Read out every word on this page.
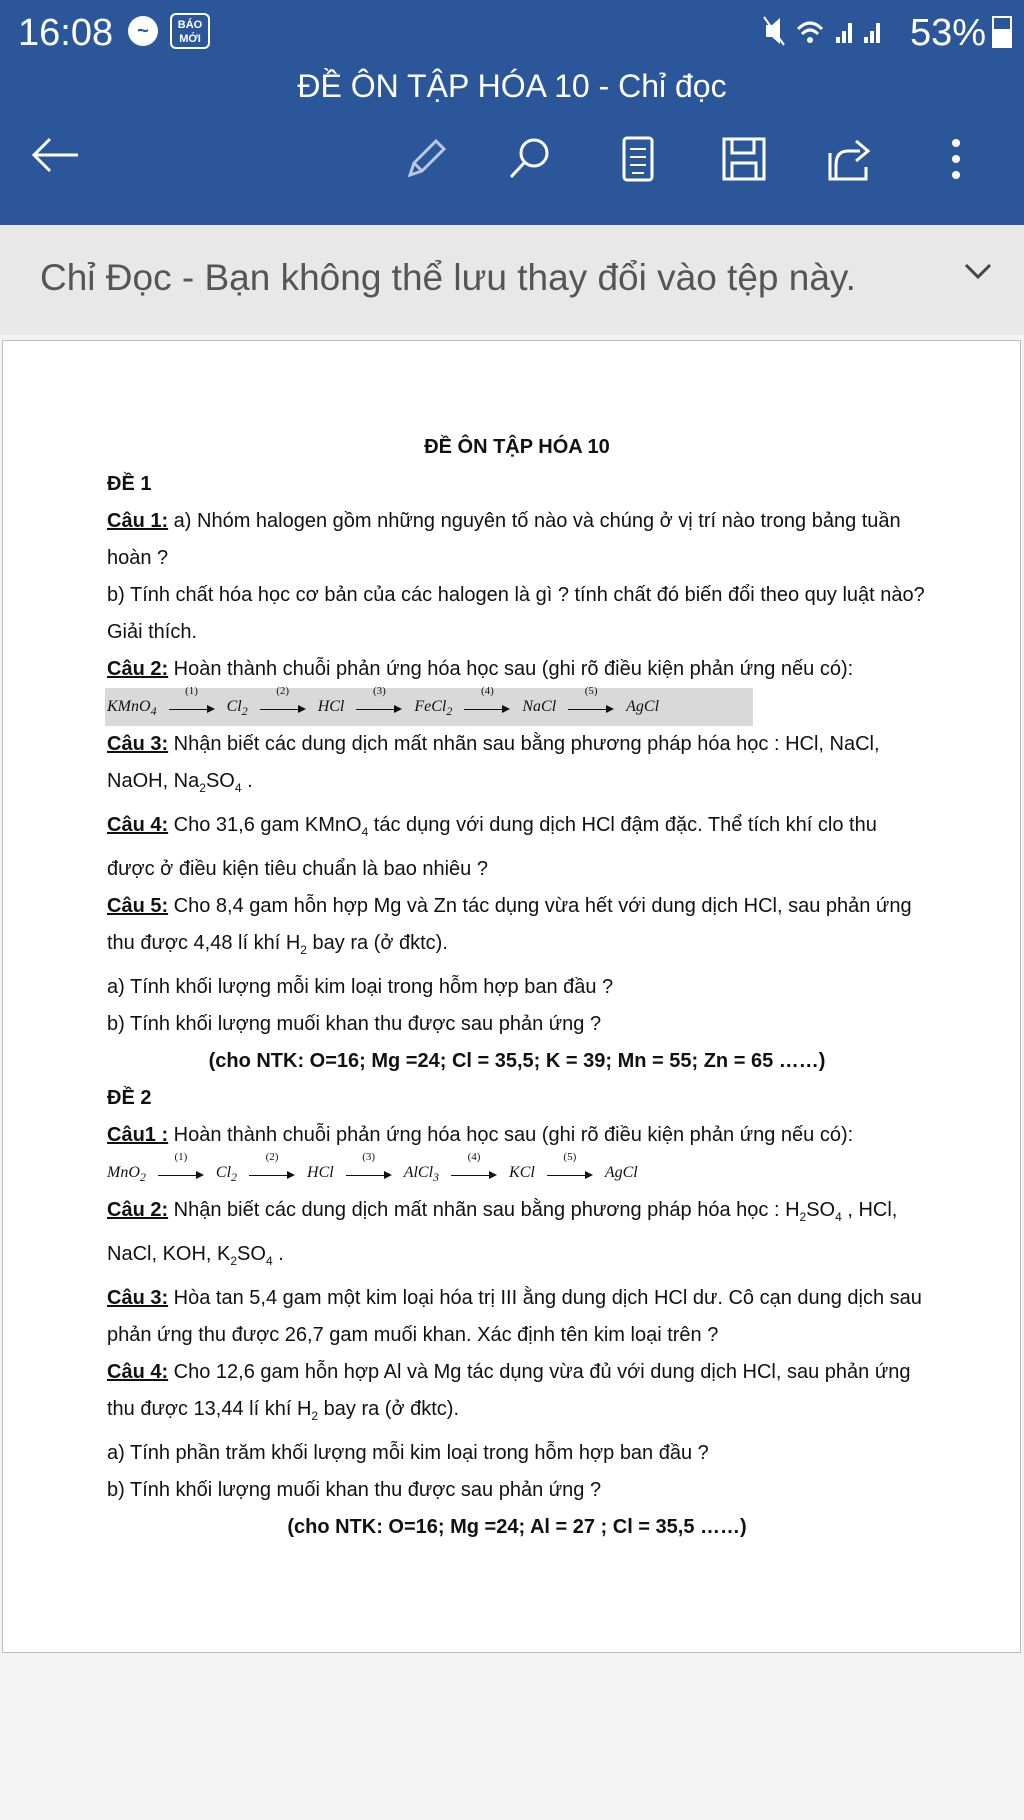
16:08	~	BÁO
MỚI	53%
ĐỀ ÔN TẬP HÓA 10 - Chỉ đọc
Chỉ Đọc - Bạn không thể lưu thay đổi vào tệp này.
ĐỀ ÔN TẬP HÓA 10
ĐỀ 1
Câu 1: a) Nhóm halogen gồm những nguyên tố nào và chúng ở vị trí nào trong bảng tuần hoàn ?
b) Tính chất hóa học cơ bản của các halogen là gì ? tính chất đó biến đổi theo quy luật nào? Giải thích.
Câu 2: Hoàn thành chuỗi phản ứng hóa học sau (ghi rõ điều kiện phản ứng nếu có):
KMnO$_4$
(1)
$Cl_2$
(2)
HCl
(3)
FeCl$_2$
(4)
NaCl
(5)
AgCl
Câu 3: Nhận biết các dung dịch mất nhãn sau bằng phương pháp hóa học : HCl, NaCl, NaOH, $Na_2SO_4$ .
Câu 4: Cho 31,6 gam KMnO$_4$ tác dụng với dung dịch HCl đậm đặc. Thể tích khí clo thu được ở điều kiện tiêu chuẩn là bao nhiêu ?
Câu 5: Cho 8,4 gam hỗn hợp Mg và Zn tác dụng vừa hết với dung dịch HCl, sau phản ứng thu được 4,48 lí khí $H_2$ bay ra (ở đktc).
a) Tính khối lượng mỗi kim loại trong hỗm hợp ban đầu ?
b) Tính khối lượng muối khan thu được sau phản ứng ?
(cho NTK: O=16; Mg =24; Cl = 35,5; K = 39; Mn = 55; Zn = 65 ……)
ĐỀ 2
Câu1 : Hoàn thành chuỗi phản ứng hóa học sau (ghi rõ điều kiện phản ứng nếu có):
MnO$_2$
(1)
$Cl_2$
(2)
HCl
(3)
AlCl$_3$
(4)
KCl
(5)
AgCl
Câu 2: Nhận biết các dung dịch mất nhãn sau bằng phương pháp hóa học : $H_2SO_4$ , HCl, NaCl, KOH, $K_2SO_4$ .
Câu 3: Hòa tan 5,4 gam một kim loại hóa trị III ằng dung dịch HCl dư. Cô cạn dung dịch sau phản ứng thu được 26,7 gam muối khan. Xác định tên kim loại trên ?
Câu 4: Cho 12,6 gam hỗn hợp Al và Mg tác dụng vừa đủ với dung dịch HCl, sau phản ứng thu được 13,44 lí khí $H_2$ bay ra (ở đktc).
a) Tính phần trăm khối lượng mỗi kim loại trong hỗm hợp ban đầu ?
b) Tính khối lượng muối khan thu được sau phản ứng ?
(cho NTK: O=16; Mg =24; Al = 27 ; Cl = 35,5 ……)
